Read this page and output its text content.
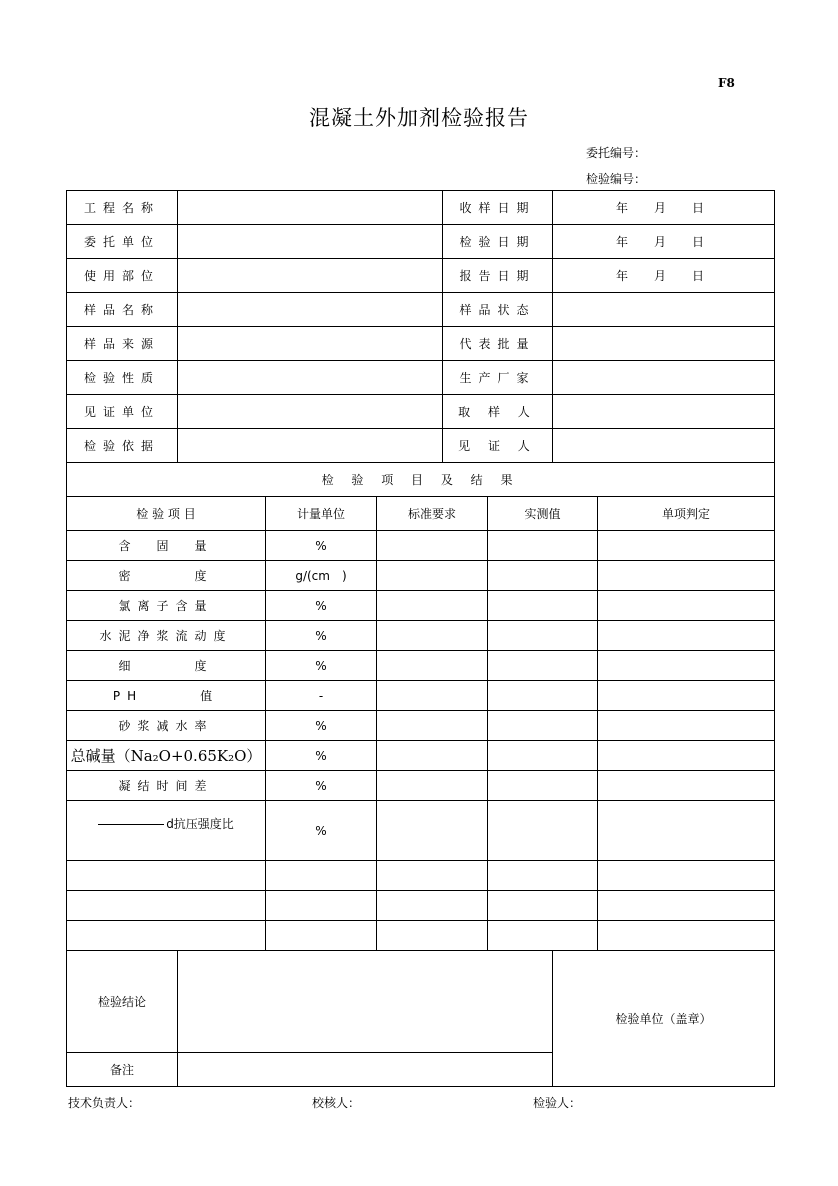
F8
混凝土外加剂检验报告
委托编号：
检验编号：
工程名称		收样日期	年　月　日
委托单位		检验日期	年　月　日
使用部位		报告日期	年　月　日
样品名称		样品状态	
样品来源		代表批量	
检验性质		生产厂家	
见证单位		取 样 人	
检验依据		见 证 人	
检 验 项 目 及 结 果				
检 验 项 目	计量单位	标准要求	实测值	单项判定
含　固　量	%			
密　　　度	g/(cm　)			
氯离子含量	%			
水泥净浆流动度	%			
细　　　度	%			
PH　　　值	-			
砂浆减水率	%			
总碱量（Na₂O+0.65K₂O）	%			
凝结时间差	%			
d抗压强度比	%			

检验结论		检验单位（盖章）
备注		
技术负责人：	校核人：	检验人：
